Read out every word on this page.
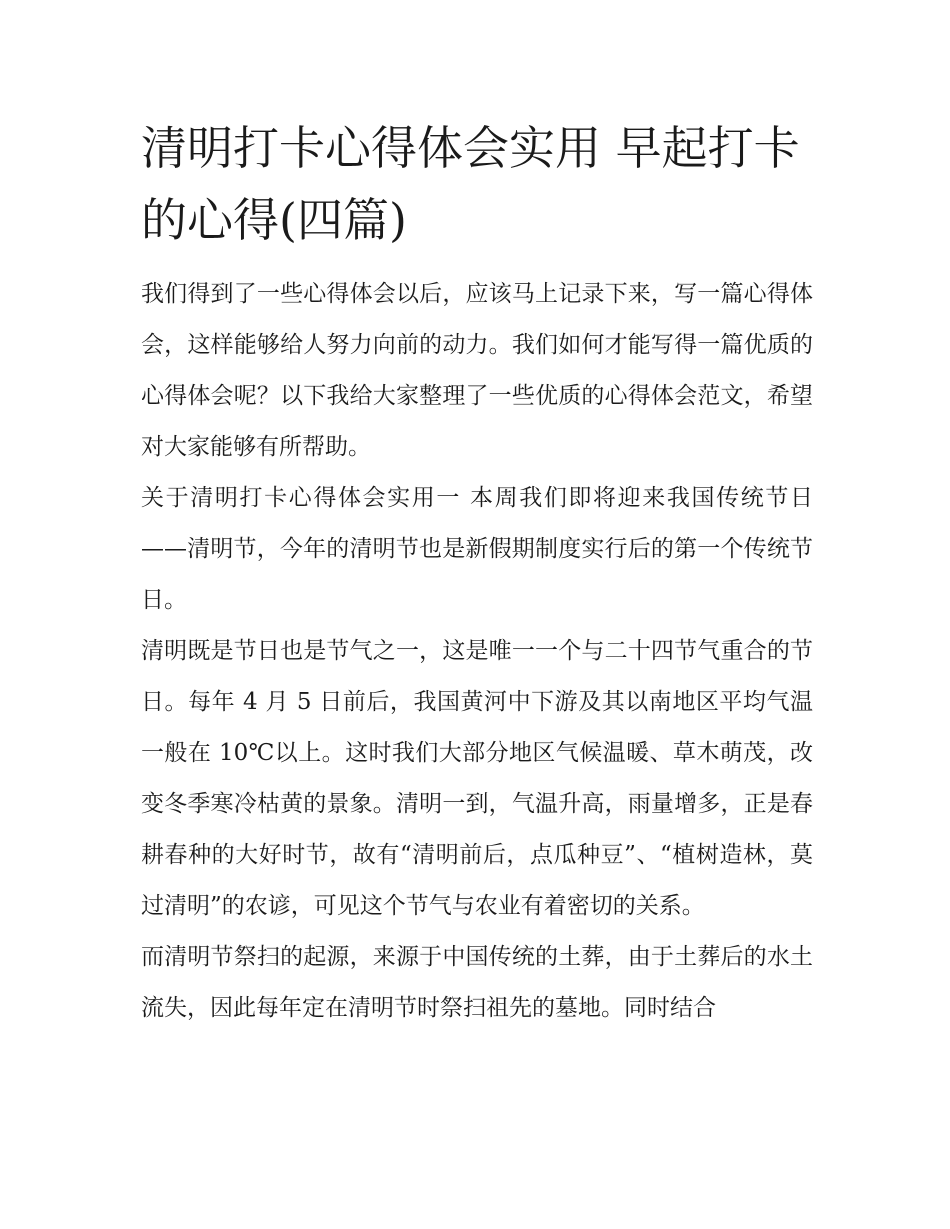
清明打卡心得体会实用 早起打卡的心得(四篇)

我们得到了一些心得体会以后，应该马上记录下来，写一篇心得体会，这样能够给人努力向前的动力。我们如何才能写得一篇优质的心得体会呢？以下我给大家整理了一些优质的心得体会范文，希望对大家能够有所帮助。

关于清明打卡心得体会实用一 本周我们即将迎来我国传统节日——清明节，今年的清明节也是新假期制度实行后的第一个传统节日。

清明既是节日也是节气之一，这是唯一一个与二十四节气重合的节日。每年 4 月 5 日前后，我国黄河中下游及其以南地区平均气温一般在 10℃以上。这时我们大部分地区气候温暖、草木萌茂，改变冬季寒冷枯黄的景象。清明一到，气温升高，雨量增多，正是春耕春种的大好时节，故有“清明前后，点瓜种豆”、“植树造林，莫过清明”的农谚，可见这个节气与农业有着密切的关系。

而清明节祭扫的起源，来源于中国传统的土葬，由于土葬后的水土流失，因此每年定在清明节时祭扫祖先的墓地。同时结合
